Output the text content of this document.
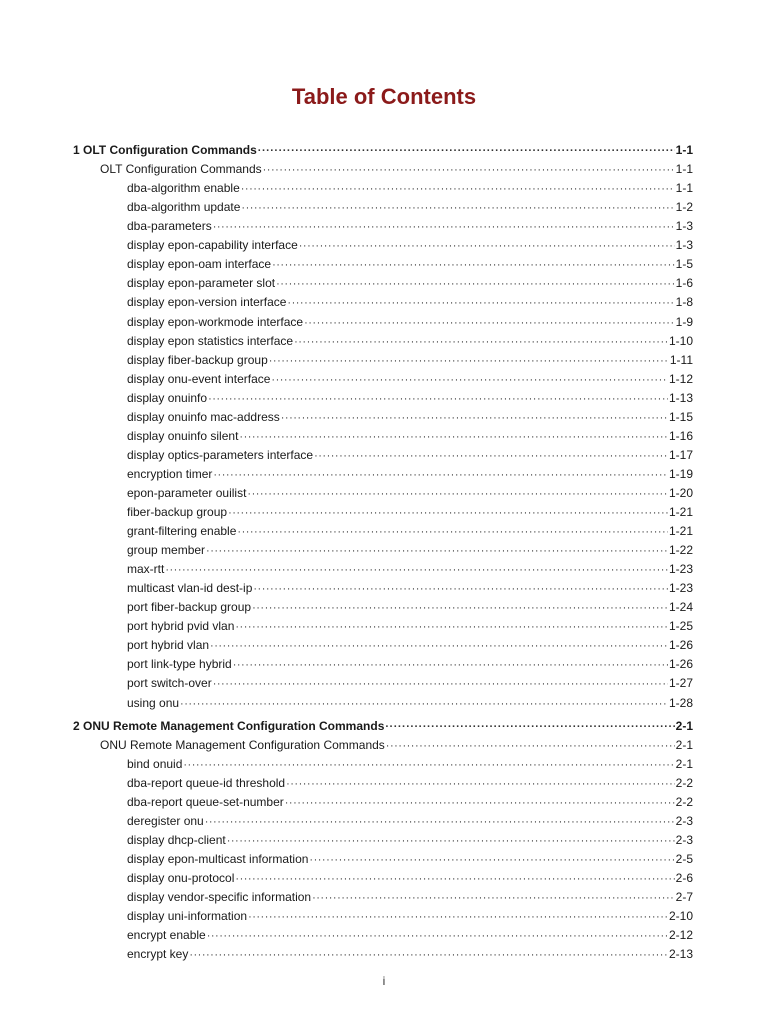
Table of Contents
1 OLT Configuration Commands ·····	1-1
OLT Configuration Commands ·····	1-1
dba-algorithm enable ·····	1-1
dba-algorithm update ·····	1-2
dba-parameters ·····	1-3
display epon-capability interface ·····	1-3
display epon-oam interface ·····	1-5
display epon-parameter slot ·····	1-6
display epon-version interface ·····	1-8
display epon-workmode interface ·····	1-9
display epon statistics interface ·····	1-10
display fiber-backup group ·····	1-11
display onu-event interface ·····	1-12
display onuinfo ·····	1-13
display onuinfo mac-address ·····	1-15
display onuinfo silent ·····	1-16
display optics-parameters interface ·····	1-17
encryption timer ·····	1-19
epon-parameter ouilist ·····	1-20
fiber-backup group ·····	1-21
grant-filtering enable ·····	1-21
group member ·····	1-22
max-rtt ·····	1-23
multicast vlan-id dest-ip ·····	1-23
port fiber-backup group ·····	1-24
port hybrid pvid vlan ·····	1-25
port hybrid vlan ·····	1-26
port link-type hybrid ·····	1-26
port switch-over ·····	1-27
using onu ·····	1-28
2 ONU Remote Management Configuration Commands ·····	2-1
ONU Remote Management Configuration Commands ·····	2-1
bind onuid ·····	2-1
dba-report queue-id threshold ·····	2-2
dba-report queue-set-number ·····	2-2
deregister onu ·····	2-3
display dhcp-client ·····	2-3
display epon-multicast information ·····	2-5
display onu-protocol ·····	2-6
display vendor-specific information ·····	2-7
display uni-information ·····	2-10
encrypt enable ·····	2-12
encrypt key ·····	2-13
i
